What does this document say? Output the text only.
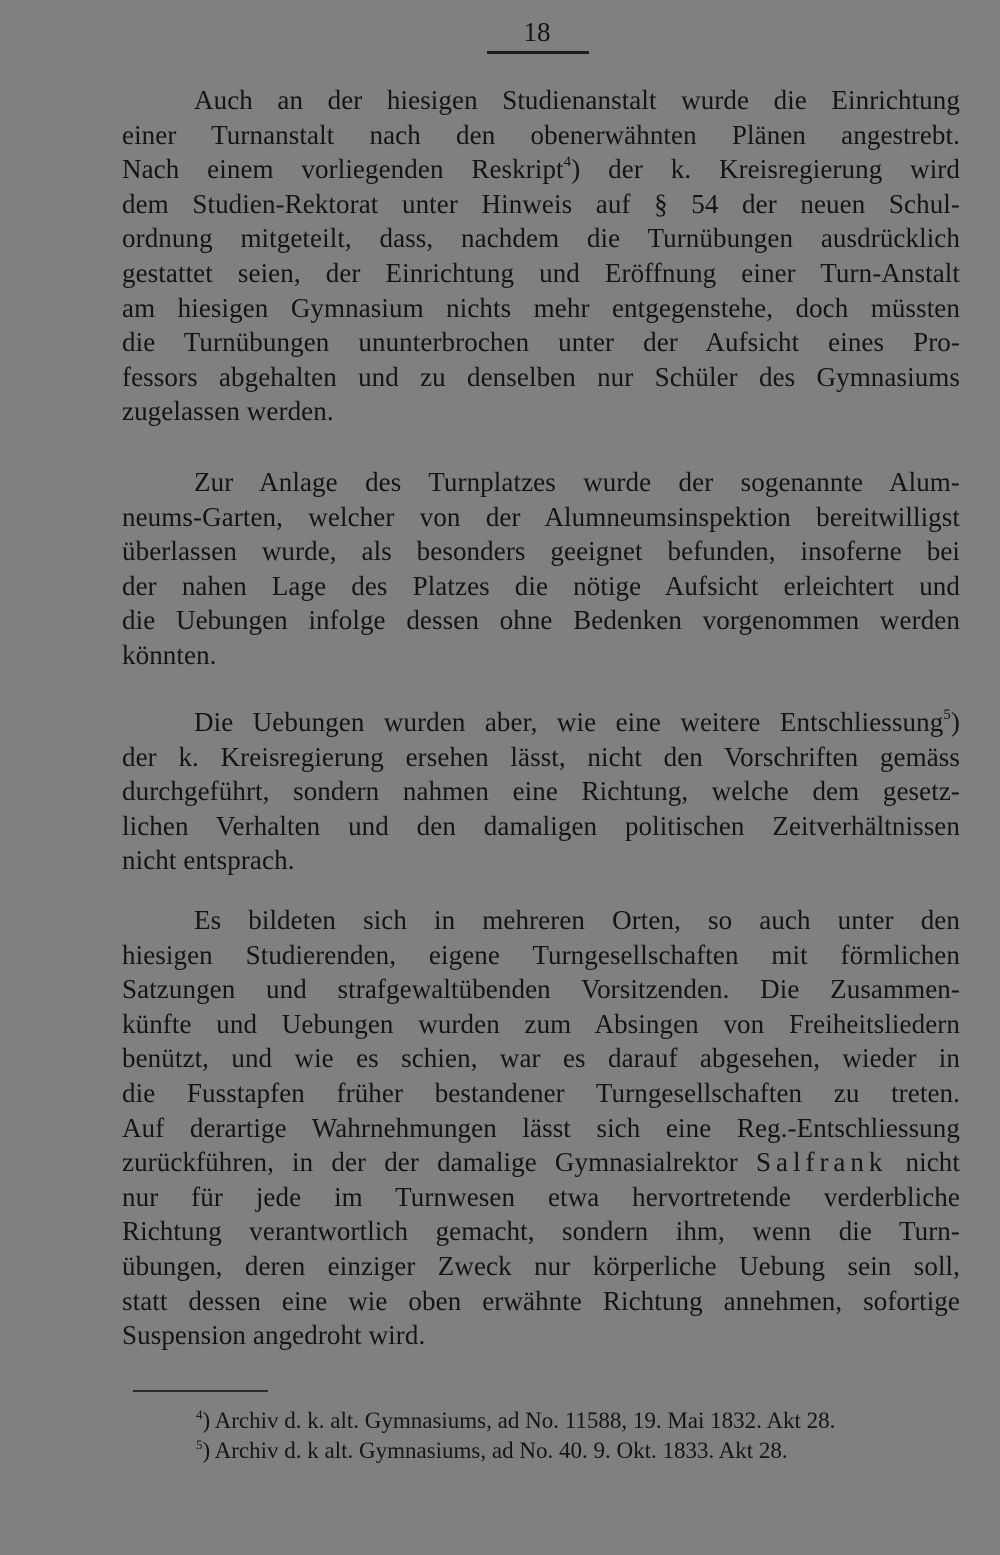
18
Auch an der hiesigen Studienanstalt wurde die Einrichtung
einer Turnanstalt nach den obenerwähnten Plänen angestrebt.
Nach einem vorliegenden Reskript$^4$) der k. Kreisregierung wird
dem Studien-Rektorat unter Hinweis auf § 54 der neuen Schul-
ordnung mitgeteilt, dass, nachdem die Turnübungen ausdrücklich
gestattet seien, der Einrichtung und Eröffnung einer Turn-Anstalt
am hiesigen Gymnasium nichts mehr entgegenstehe, doch müssten
die Turnübungen ununterbrochen unter der Aufsicht eines Pro-
fessors abgehalten und zu denselben nur Schüler des Gymnasiums
zugelassen werden.
Zur Anlage des Turnplatzes wurde der sogenannte Alum-
neums-Garten, welcher von der Alumneumsinspektion bereitwilligst
überlassen wurde, als besonders geeignet befunden, insoferne bei
der nahen Lage des Platzes die nötige Aufsicht erleichtert und
die Uebungen infolge dessen ohne Bedenken vorgenommen werden
könnten.
Die Uebungen wurden aber, wie eine weitere Entschliessung$^5$)
der k. Kreisregierung ersehen lässt, nicht den Vorschriften gemäss
durchgeführt, sondern nahmen eine Richtung, welche dem gesetz-
lichen Verhalten und den damaligen politischen Zeitverhältnissen
nicht entsprach.
Es bildeten sich in mehreren Orten, so auch unter den
hiesigen Studierenden, eigene Turngesellschaften mit förmlichen
Satzungen und strafgewaltübenden Vorsitzenden. Die Zusammen-
künfte und Uebungen wurden zum Absingen von Freiheitsliedern
benützt, und wie es schien, war es darauf abgesehen, wieder in
die Fusstapfen früher bestandener Turngesellschaften zu treten.
Auf derartige Wahrnehmungen lässt sich eine Reg.-Entschliessung
zurückführen, in der der damalige Gymnasialrektor Salfrank nicht
nur für jede im Turnwesen etwa hervortretende verderbliche
Richtung verantwortlich gemacht, sondern ihm, wenn die Turn-
übungen, deren einziger Zweck nur körperliche Uebung sein soll,
statt dessen eine wie oben erwähnte Richtung annehmen, sofortige
Suspension angedroht wird.
$^4$) Archiv d. k. alt. Gymnasiums, ad No. 11588, 19. Mai 1832. Akt 28.
$^5$) Archiv d. k alt. Gymnasiums, ad No. 40. 9. Okt. 1833. Akt 28.
